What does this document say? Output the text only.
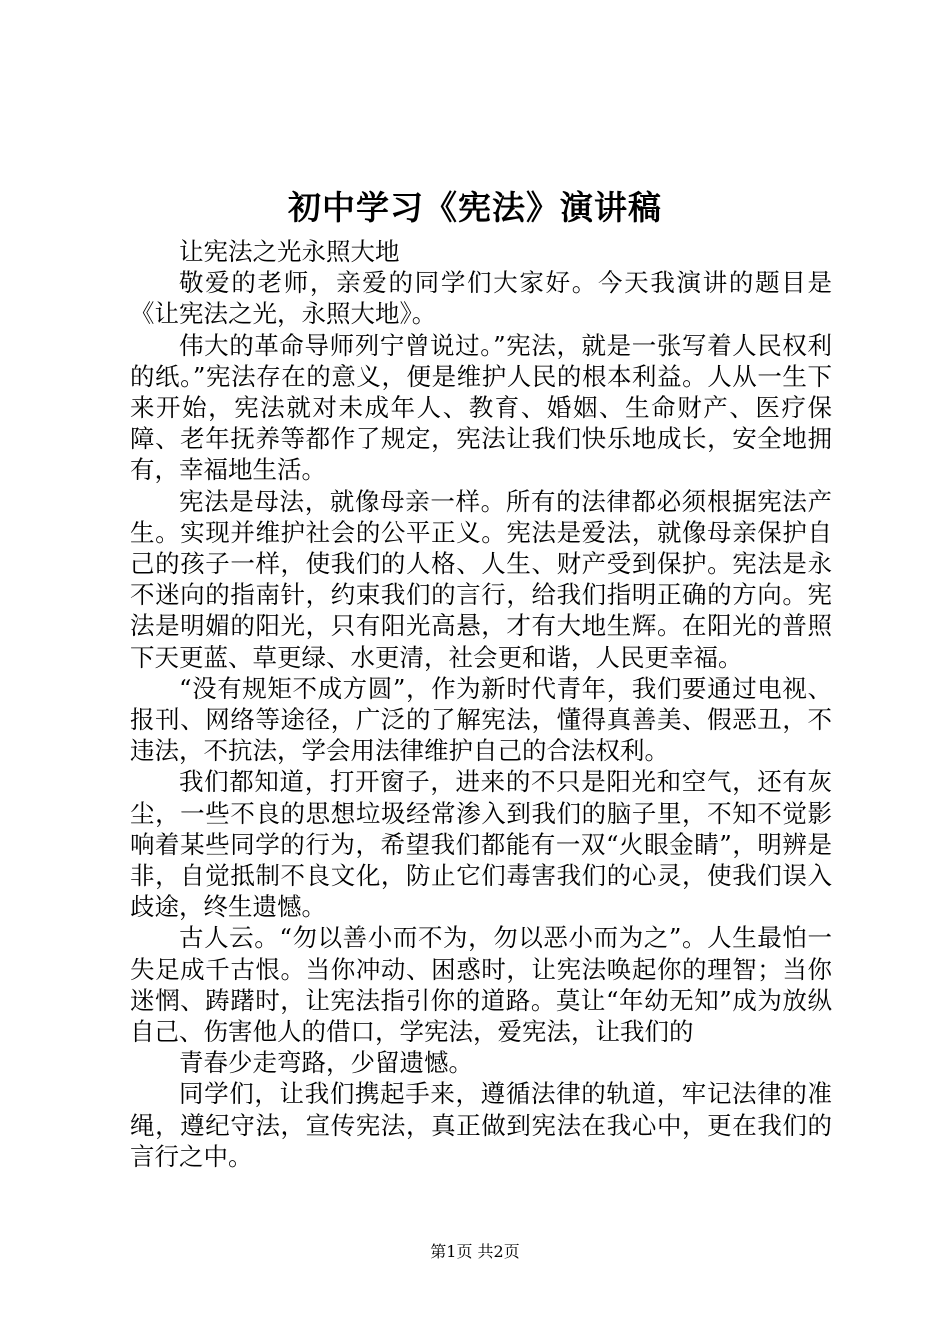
初中学习《宪法》演讲稿

让宪法之光永照大地

敬爱的老师，亲爱的同学们大家好。今天我演讲的题目是《让宪法之光，永照大地》。

伟大的革命导师列宁曾说过。”宪法，就是一张写着人民权利的纸。”宪法存在的意义，便是维护人民的根本利益。人从一生下来开始，宪法就对未成年人、教育、婚姻、生命财产、医疗保障、老年抚养等都作了规定，宪法让我们快乐地成长，安全地拥有，幸福地生活。

宪法是母法，就像母亲一样。所有的法律都必须根据宪法产生。实现并维护社会的公平正义。宪法是爱法，就像母亲保护自己的孩子一样，使我们的人格、人生、财产受到保护。宪法是永不迷向的指南针，约束我们的言行，给我们指明正确的方向。宪法是明媚的阳光，只有阳光高悬，才有大地生辉。在阳光的普照下天更蓝、草更绿、水更清，社会更和谐，人民更幸福。

“没有规矩不成方圆”，作为新时代青年，我们要通过电视、报刊、网络等途径，广泛的了解宪法，懂得真善美、假恶丑，不违法，不抗法，学会用法律维护自己的合法权利。

我们都知道，打开窗子，进来的不只是阳光和空气，还有灰尘，一些不良的思想垃圾经常渗入到我们的脑子里，不知不觉影响着某些同学的行为，希望我们都能有一双“火眼金睛”，明辨是非，自觉抵制不良文化，防止它们毒害我们的心灵，使我们误入歧途，终生遗憾。

古人云。“勿以善小而不为，勿以恶小而为之”。人生最怕一失足成千古恨。当你冲动、困惑时，让宪法唤起你的理智；当你迷惘、踌躇时，让宪法指引你的道路。莫让“年幼无知”成为放纵自己、伤害他人的借口，学宪法，爱宪法，让我们的

青春少走弯路，少留遗憾。

同学们，让我们携起手来，遵循法律的轨道，牢记法律的准绳，遵纪守法，宣传宪法，真正做到宪法在我心中，更在我们的言行之中。

第1页 共2页
